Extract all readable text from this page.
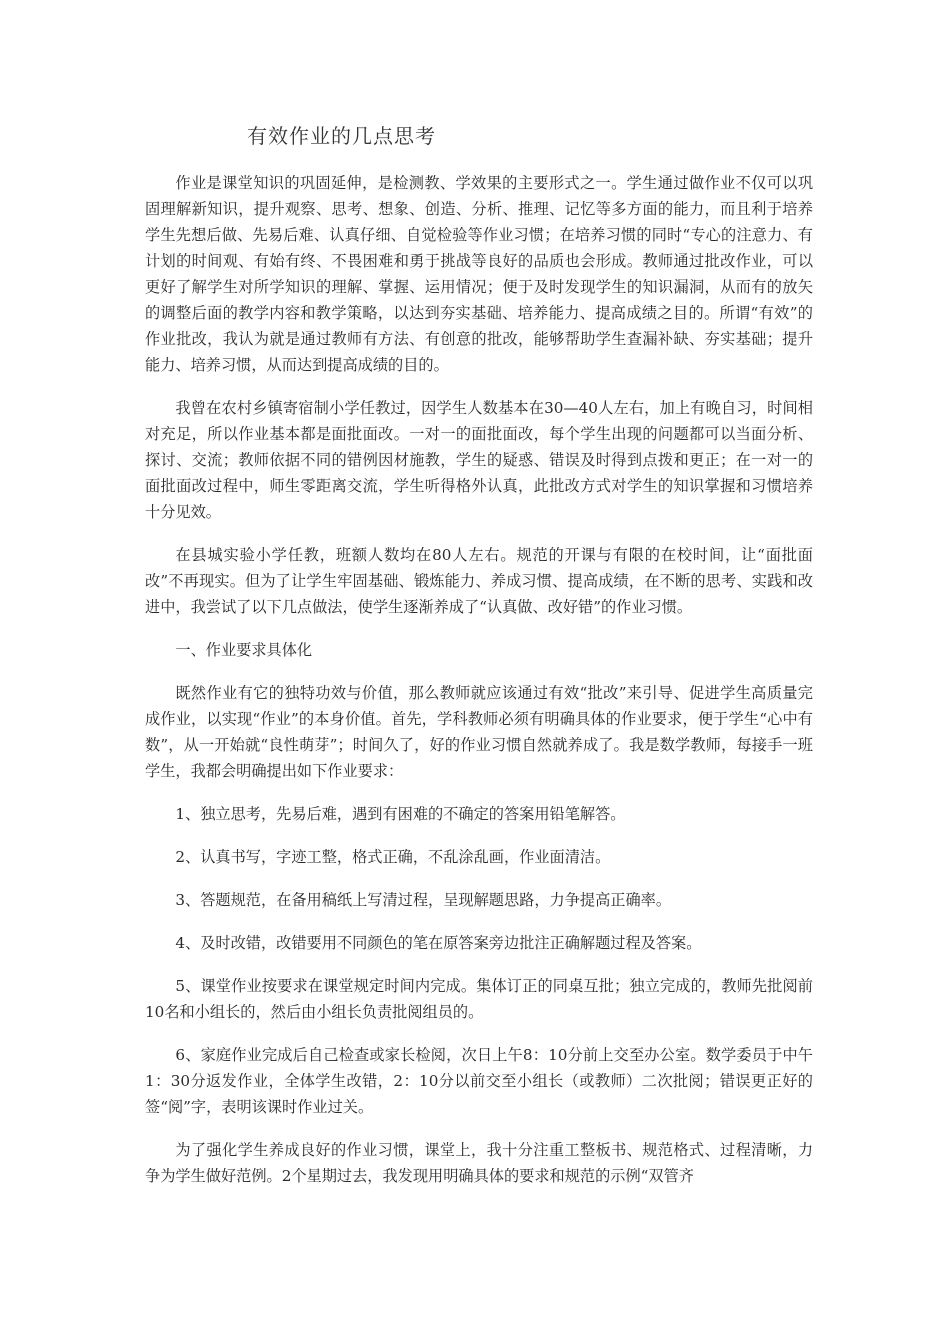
有效作业的几点思考

作业是课堂知识的巩固延伸，是检测教、学效果的主要形式之一。学生通过做作业不仅可以巩固理解新知识，提升观察、思考、想象、创造、分析、推理、记忆等多方面的能力，而且利于培养学生先想后做、先易后难、认真仔细、自觉检验等作业习惯；在培养习惯的同时“专心的注意力、有计划的时间观、有始有终、不畏困难和勇于挑战等良好的品质也会形成。教师通过批改作业，可以更好了解学生对所学知识的理解、掌握、运用情况；便于及时发现学生的知识漏洞，从而有的放矢的调整后面的教学内容和教学策略，以达到夯实基础、培养能力、提高成绩之目的。所谓“有效”的作业批改，我认为就是通过教师有方法、有创意的批改，能够帮助学生查漏补缺、夯实基础；提升能力、培养习惯，从而达到提高成绩的目的。

我曾在农村乡镇寄宿制小学任教过，因学生人数基本在30—40人左右，加上有晚自习，时间相对充足，所以作业基本都是面批面改。一对一的面批面改，每个学生出现的问题都可以当面分析、探讨、交流；教师依据不同的错例因材施教，学生的疑惑、错误及时得到点拨和更正；在一对一的面批面改过程中，师生零距离交流，学生听得格外认真，此批改方式对学生的知识掌握和习惯培养十分见效。

在县城实验小学任教，班额人数均在80人左右。规范的开课与有限的在校时间，让“面批面改”不再现实。但为了让学生牢固基础、锻炼能力、养成习惯、提高成绩，在不断的思考、实践和改进中，我尝试了以下几点做法，使学生逐渐养成了“认真做、改好错”的作业习惯。

一、作业要求具体化

既然作业有它的独特功效与价值，那么教师就应该通过有效“批改”来引导、促进学生高质量完成作业，以实现“作业”的本身价值。首先，学科教师必须有明确具体的作业要求，便于学生“心中有数”，从一开始就“良性萌芽”；时间久了，好的作业习惯自然就养成了。我是数学教师，每接手一班学生，我都会明确提出如下作业要求：

1、独立思考，先易后难，遇到有困难的不确定的答案用铅笔解答。

2、认真书写，字迹工整，格式正确，不乱涂乱画，作业面清洁。

3、答题规范，在备用稿纸上写清过程，呈现解题思路，力争提高正确率。

4、及时改错，改错要用不同颜色的笔在原答案旁边批注正确解题过程及答案。

5、课堂作业按要求在课堂规定时间内完成。集体订正的同桌互批；独立完成的，教师先批阅前10名和小组长的，然后由小组长负责批阅组员的。

6、家庭作业完成后自己检查或家长检阅，次日上午8：10分前上交至办公室。数学委员于中午1：30分返发作业，全体学生改错，2：10分以前交至小组长（或教师）二次批阅；错误更正好的签“阅”字，表明该课时作业过关。

为了强化学生养成良好的作业习惯，课堂上，我十分注重工整板书、规范格式、过程清晰，力争为学生做好范例。2个星期过去，我发现用明确具体的要求和规范的示例“双管齐
